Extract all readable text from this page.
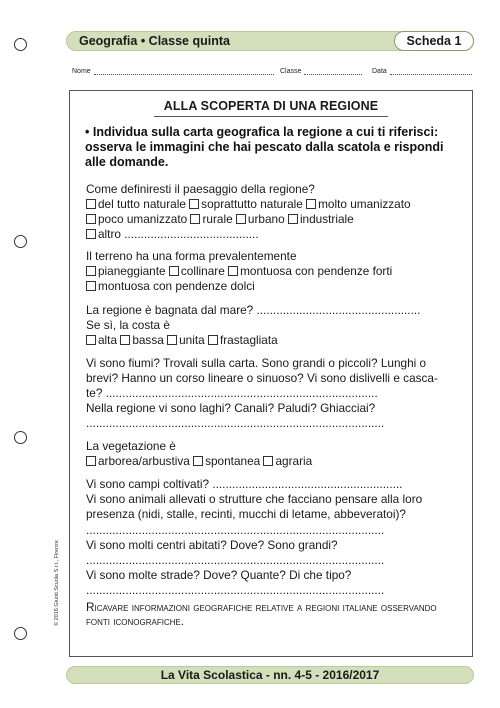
Geografia • Classe quinta	Scheda 1
Nome	Classe	Data
ALLA SCOPERTA DI UNA REGIONE
• Individua sulla carta geografica la regione a cui ti riferisci: osserva le immagini che hai pescato dalla scatola e rispondi alle domande.
Come definiresti il paesaggio della regione?
del tutto naturale soprattutto naturale molto umanizzato
poco umanizzato rurale urbano industriale
altro .........................................
Il terreno ha una forma prevalentemente
pianeggiante collinare montuosa con pendenze forti
montuosa con pendenze dolci
La regione è bagnata dal mare? ..................................................
Se sì, la costa è
alta bassa unita frastagliata
Vi sono fiumi? Trovali sulla carta. Sono grandi o piccoli? Lunghi o
brevi? Hanno un corso lineare o sinuoso? Vi sono dislivelli e casca-
te? ...................................................................................
Nella regione vi sono laghi? Canali? Paludi? Ghiacciai?
...........................................................................................
La vegetazione è
arborea/arbustiva spontanea agraria
Vi sono campi coltivati? ..........................................................
Vi sono animali allevati o strutture che facciano pensare alla loro
presenza (nidi, stalle, recinti, mucchi di letame, abbeveratoi)?
...........................................................................................
Vi sono molti centri abitati? Dove? Sono grandi?
...........................................................................................
Vi sono molte strade? Dove? Quante? Di che tipo?
...........................................................................................
Ricavare informazioni geografiche relative a regioni italiane osservando
fonti iconografiche.
© 2016 Giunti Scuola S.r.l., Firenze
La Vita Scolastica - nn. 4-5 - 2016/2017
